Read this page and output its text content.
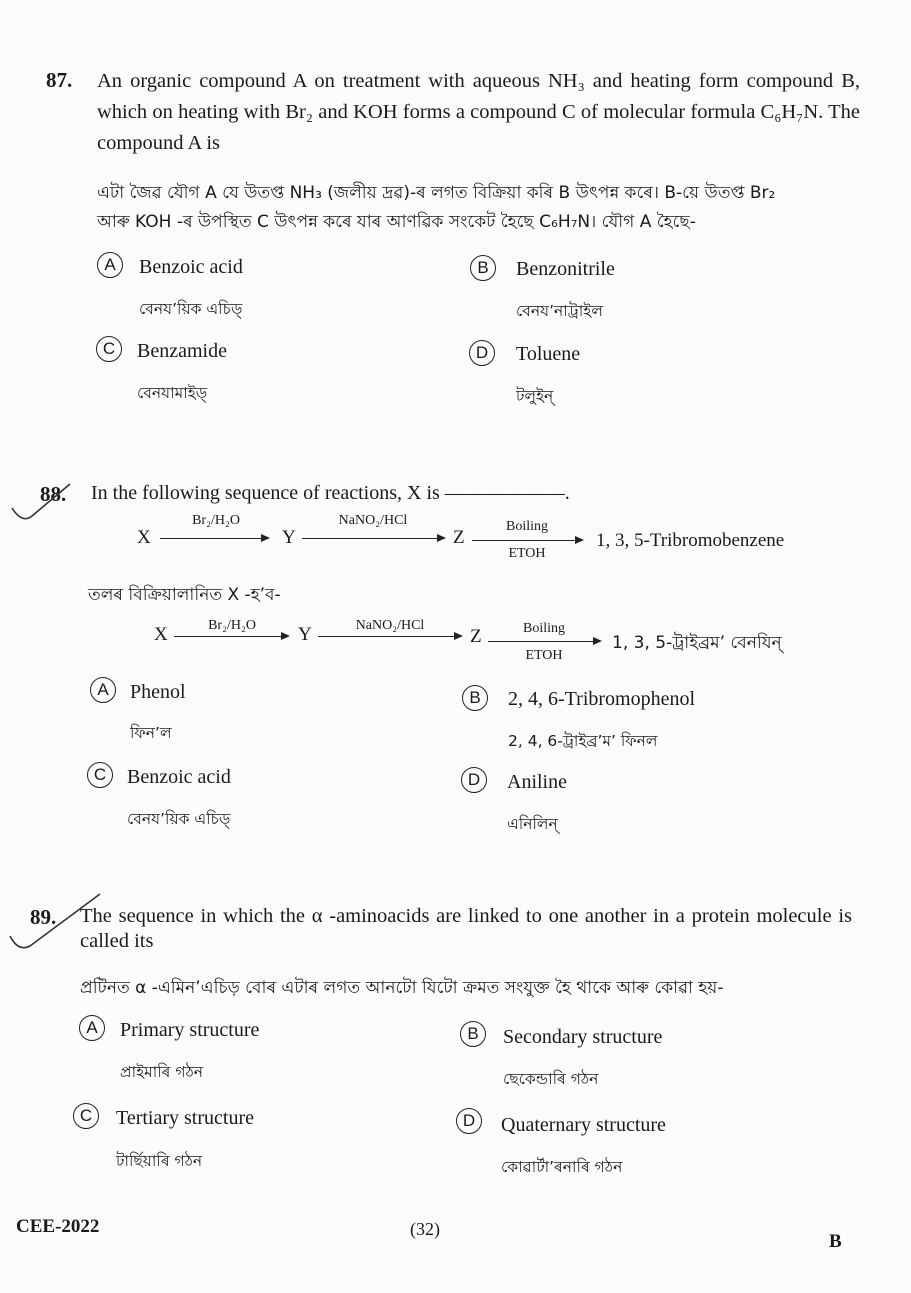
87. An organic compound A on treatment with aqueous NH₃ and heating form compound B, which on heating with Br₂ and KOH forms a compound C of molecular formula C₆H₇N. The compound A is
এটা জৈৱ যৌগ A যে উতপ্ত NH₃ (জলীয় দ্ৰৱ)-ৰ লগত বিক্ৰিয়া কৰি B উৎপন্ন কৰে। B-য়ে উতপ্ত Br₂
আৰু KOH -ৰ উপস্থিত C উৎপন্ন কৰে যাৰ আণৱিক সংকেট হৈছে C₆H₇N। যৌগ A হৈছে-
A	Benzoic acid
বেনয’য়িক এচিড্
B	Benzonitrile
বেনয’নাট্ৰাইল
C	Benzamide
বেনযামাইড্
D	Toluene
টলুইন্
88. In the following sequence of reactions, X is ——————.
X
Br₂/H₂O
Y
NaNO₂/HCl
Z
Boiling
ETOH
1, 3, 5-Tribromobenzene
তলৰ বিক্ৰিয়ালানিত X -হ’ব-
X	Br₂/H₂O	Y	NaNO₂/HCl
Z	Boiling
ETOH
1, 3, 5-ট্ৰাইব্ৰম’ বেনযিন্
A	Phenol
ফিন’ল
B	2, 4, 6-Tribromophenol
2, 4, 6-ট্ৰাইব্ৰ’ম’ ফিনল
C	Benzoic acid
বেনয’য়িক এচিড্
D	Aniline
এনিলিন্
89. The sequence in which the α -aminoacids are linked to one another in a protein molecule is called its
প্ৰটিনত α -এমিন’এচিড় বোৰ এটাৰ লগত আনটো যিটো ক্ৰমত সংযুক্ত হৈ থাকে আৰু কোৱা হয়-
A	Primary structure
প্ৰাইমাৰি গঠন
B	Secondary structure
ছেকেন্ডাৰি গঠন
C	Tertiary structure
টাৰ্ছিয়াৰি গঠন
D	Quaternary structure
কোৱাৰ্টা’ৰনাৰি গঠন
CEE-2022	(32)
B
